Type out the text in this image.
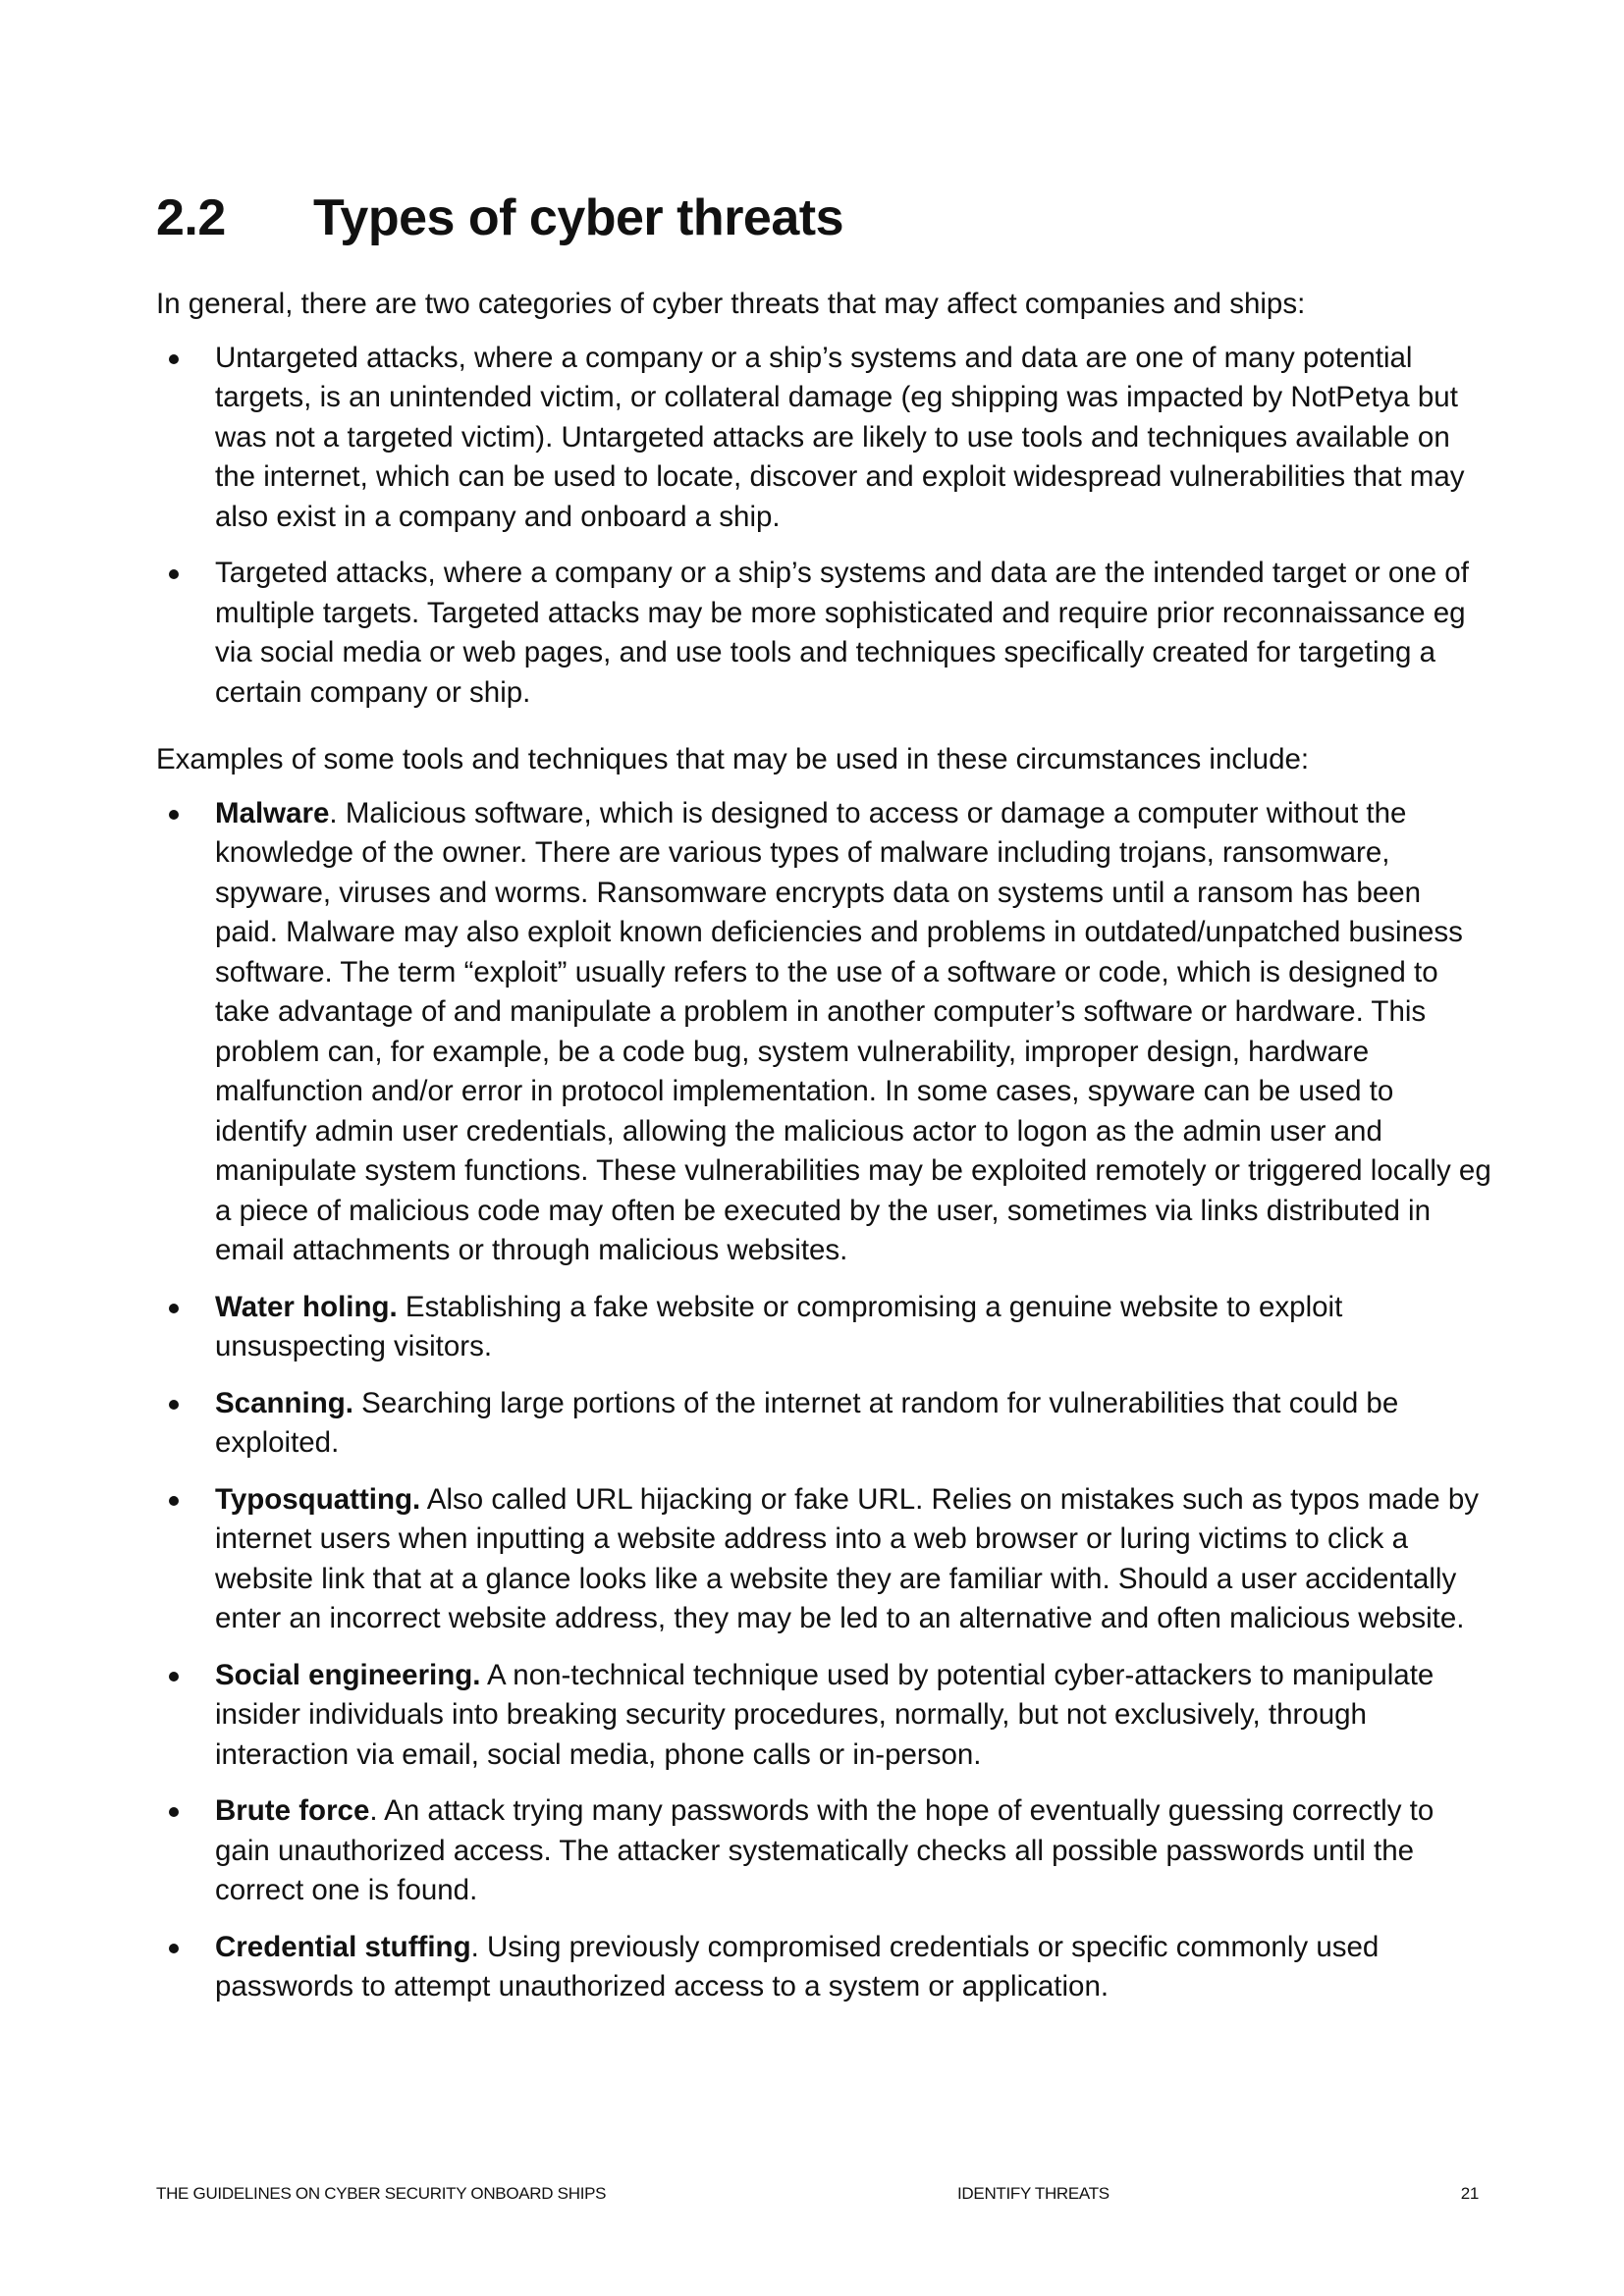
2.2 Types of cyber threats

In general, there are two categories of cyber threats that may affect companies and ships:

Untargeted attacks, where a company or a ship’s systems and data are one of many potential targets, is an unintended victim, or collateral damage (eg shipping was impacted by NotPetya but was not a targeted victim). Untargeted attacks are likely to use tools and techniques available on the internet, which can be used to locate, discover and exploit widespread vulnerabilities that may also exist in a company and onboard a ship.
Targeted attacks, where a company or a ship’s systems and data are the intended target or one of multiple targets. Targeted attacks may be more sophisticated and require prior reconnaissance eg via social media or web pages, and use tools and techniques specifically created for targeting a certain company or ship.

Examples of some tools and techniques that may be used in these circumstances include:

Malware. Malicious software, which is designed to access or damage a computer without the knowledge of the owner. There are various types of malware including trojans, ransomware, spyware, viruses and worms. Ransomware encrypts data on systems until a ransom has been paid. Malware may also exploit known deficiencies and problems in outdated/unpatched business software. The term “exploit” usually refers to the use of a software or code, which is designed to take advantage of and manipulate a problem in another computer’s software or hardware. This problem can, for example, be a code bug, system vulnerability, improper design, hardware malfunction and/or error in protocol implementation. In some cases, spyware can be used to identify admin user credentials, allowing the malicious actor to logon as the admin user and manipulate system functions. These vulnerabilities may be exploited remotely or triggered locally eg a piece of malicious code may often be executed by the user, sometimes via links distributed in email attachments or through malicious websites.
Water holing. Establishing a fake website or compromising a genuine website to exploit unsuspecting visitors.
Scanning. Searching large portions of the internet at random for vulnerabilities that could be exploited.
Typosquatting. Also called URL hijacking or fake URL. Relies on mistakes such as typos made by internet users when inputting a website address into a web browser or luring victims to click a website link that at a glance looks like a website they are familiar with. Should a user accidentally enter an incorrect website address, they may be led to an alternative and often malicious website.
Social engineering. A non-technical technique used by potential cyber-attackers to manipulate insider individuals into breaking security procedures, normally, but not exclusively, through interaction via email, social media, phone calls or in-person.
Brute force. An attack trying many passwords with the hope of eventually guessing correctly to gain unauthorized access. The attacker systematically checks all possible passwords until the correct one is found.
Credential stuffing. Using previously compromised credentials or specific commonly used passwords to attempt unauthorized access to a system or application.
THE GUIDELINES ON CYBER SECURITY ONBOARD SHIPS	IDENTIFY THREATS	21
